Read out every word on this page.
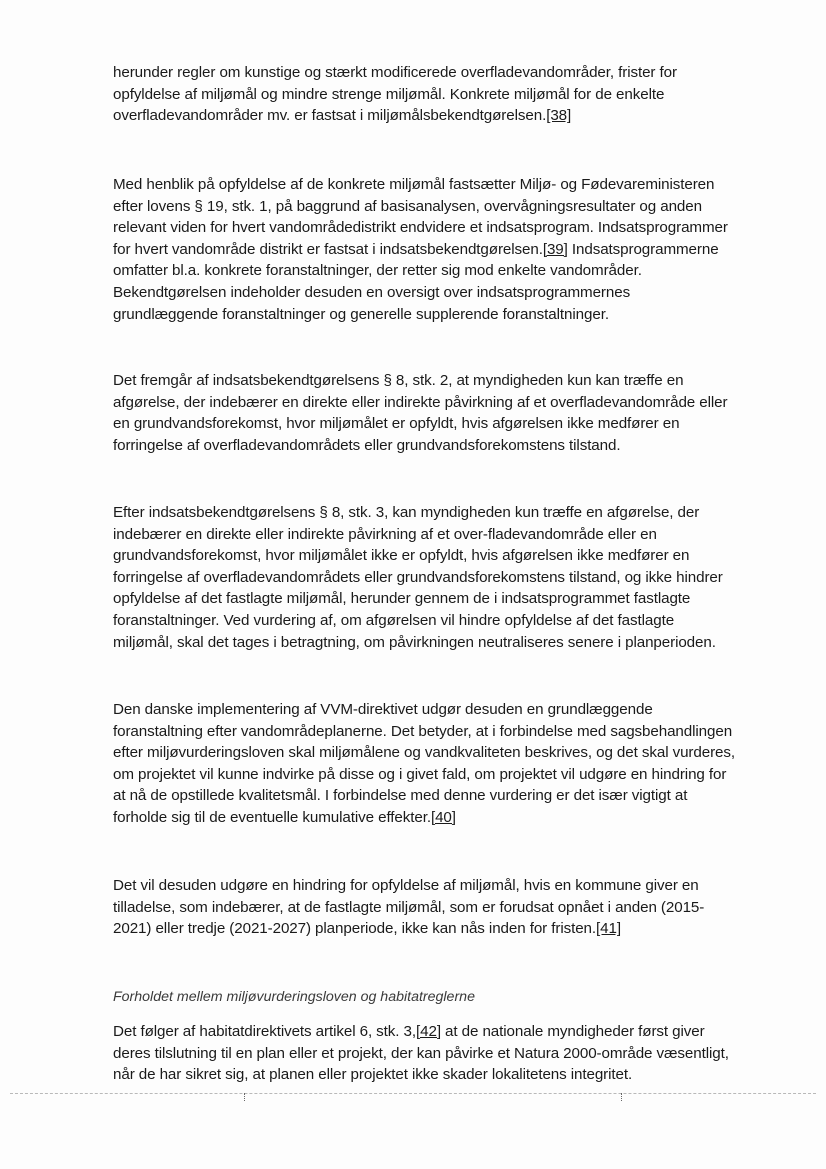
herunder regler om kunstige og stærkt modificerede overfladevandområder, frister for
opfyldelse af miljømål og mindre strenge miljømål. Konkrete miljømål for de enkelte
overfladevandområder mv. er fastsat i miljømålsbekendtgørelsen.[38]
Med henblik på opfyldelse af de konkrete miljømål fastsætter Miljø- og Fødevareministeren
efter lovens § 19, stk. 1, på baggrund af basisanalysen, overvågningsresultater og anden
relevant viden for hvert vandområdedistrikt endvidere et indsatsprogram. Indsatsprogrammer
for hvert vandområde distrikt er fastsat i indsatsbekendtgørelsen.[39] Indsatsprogrammerne
omfatter bl.a. konkrete foranstaltninger, der retter sig mod enkelte vandområder.
Bekendtgørelsen indeholder desuden en oversigt over indsatsprogrammernes
grundlæggende foranstaltninger og generelle supplerende foranstaltninger.
Det fremgår af indsatsbekendtgørelsens § 8, stk. 2, at myndigheden kun kan træffe en
afgørelse, der indebærer en direkte eller indirekte påvirkning af et overfladevandområde eller
en grundvandsforekomst, hvor miljømålet er opfyldt, hvis afgørelsen ikke medfører en
forringelse af overfladevandområdets eller grundvandsforekomstens tilstand.
Efter indsatsbekendtgørelsens § 8, stk. 3, kan myndigheden kun træffe en afgørelse, der
indebærer en direkte eller indirekte påvirkning af et over-fladevandområde eller en
grundvandsforekomst, hvor miljømålet ikke er opfyldt, hvis afgørelsen ikke medfører en
forringelse af overfladevandområdets eller grundvandsforekomstens tilstand, og ikke hindrer
opfyldelse af det fastlagte miljømål, herunder gennem de i indsatsprogrammet fastlagte
foranstaltninger. Ved vurdering af, om afgørelsen vil hindre opfyldelse af det fastlagte
miljømål, skal det tages i betragtning, om påvirkningen neutraliseres senere i planperioden.
Den danske implementering af VVM-direktivet udgør desuden en grundlæggende
foranstaltning efter vandområdeplanerne. Det betyder, at i forbindelse med sagsbehandlingen
efter miljøvurderingsloven skal miljømålene og vandkvaliteten beskrives, og det skal vurderes,
om projektet vil kunne indvirke på disse og i givet fald, om projektet vil udgøre en hindring for
at nå de opstillede kvalitetsmål. I forbindelse med denne vurdering er det især vigtigt at
forholde sig til de eventuelle kumulative effekter.[40]
Det vil desuden udgøre en hindring for opfyldelse af miljømål, hvis en kommune giver en
tilladelse, som indebærer, at de fastlagte miljømål, som er forudsat opnået i anden (2015-
2021) eller tredje (2021-2027) planperiode, ikke kan nås inden for fristen.[41]
Forholdet mellem miljøvurderingsloven og habitatreglerne
Det følger af habitatdirektivets artikel 6, stk. 3,[42] at de nationale myndigheder først giver
deres tilslutning til en plan eller et projekt, der kan påvirke et Natura 2000-område væsentligt,
når de har sikret sig, at planen eller projektet ikke skader lokalitetens integritet.
